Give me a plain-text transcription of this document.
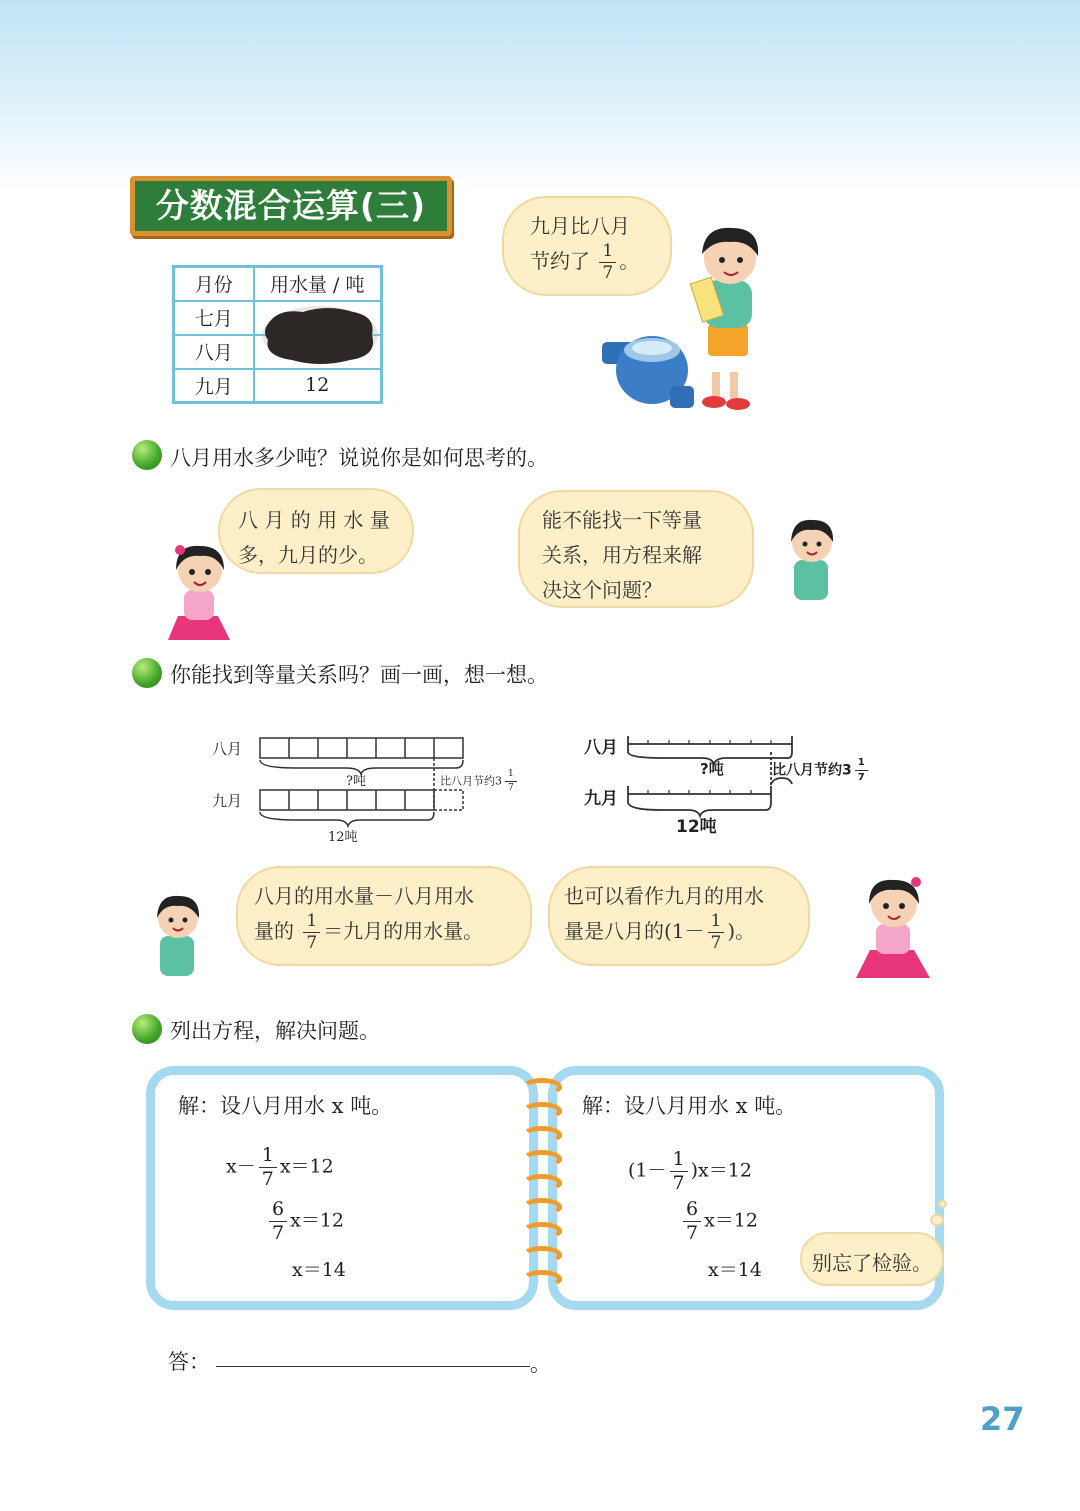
分数混合运算(三)
月份	用水量 / 吨
七月	
八月	
九月	12
九月比八月
节约了 $\frac{1}{7}$ 。
八月用水多少吨？说说你是如何思考的。
八 月 的 用 水 量
多，九月的少。
能不能找一下等量
关系，用方程来解
决这个问题？
你能找到等量关系吗？画一画，想一想。
八月
九月
?吨	比八月节约$3 \frac{1}{7}$
12吨
八月
九月
?吨	比八月节约$3 \frac{1}{7}$
12吨
八月的用水量－八月用水
量的 $\frac{1}{7}$ ＝九月的用水量。
也可以看作九月的用水
量是八月的($1- \frac{1}{7}$ )。
列出方程，解决问题。
解：设八月用水 x 吨。
$x- \frac{1}{7} x=12$
$\frac{6}{7} x=12$
x＝14
解：设八月用水 x 吨。
$(1- \frac{1}{7} )x=12$
$\frac{6}{7} x=12$
x＝14	别忘了检验。
答：	。
27
